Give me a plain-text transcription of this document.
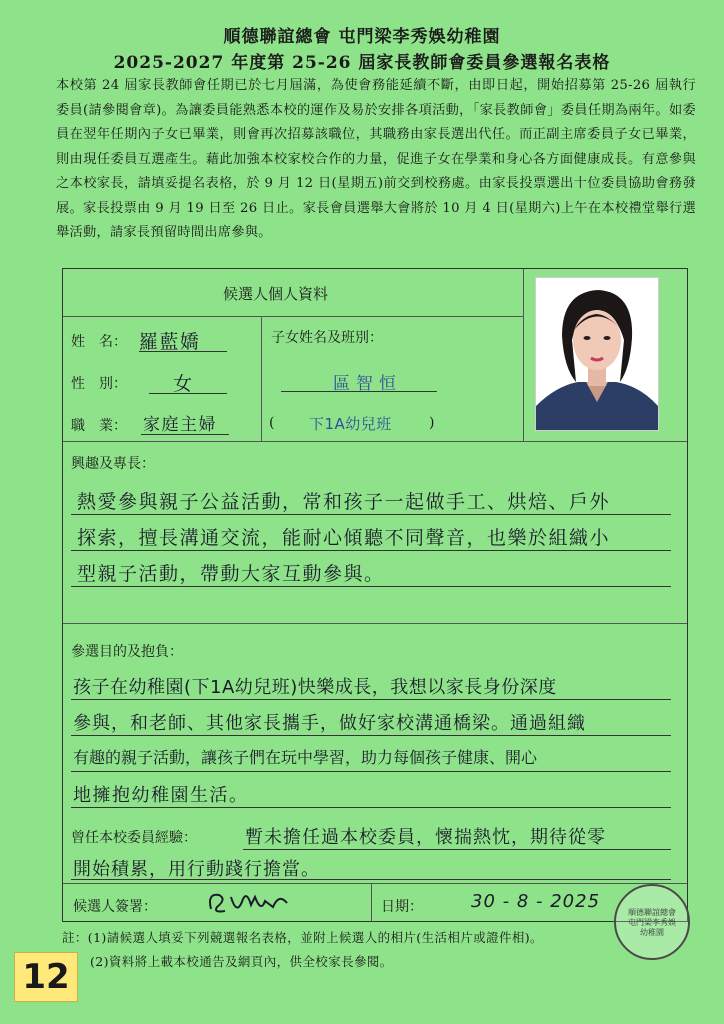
順德聯誼總會 屯門梁李秀娛幼稚園
2025-2027 年度第 25-26 屆家長教師會委員參選報名表格
本校第 24 屆家長教師會任期已於七月屆滿，為使會務能延續不斷，由即日起，開始招募第 25-26 屆執行委員(請參閱會章)。為讓委員能熟悉本校的運作及易於安排各項活動，「家長教師會」委員任期為兩年。如委員在翌年任期內子女已畢業，則會再次招募該職位，其職務由家長選出代任。而正副主席委員子女已畢業，則由現任委員互選產生。藉此加強本校家校合作的力量，促進子女在學業和身心各方面健康成長。有意參與之本校家長，請填妥提名表格，於 9 月 12 日(星期五)前交到校務處。由家長投票選出十位委員協助會務發展。家長投票由 9 月 19 日至 26 日止。家長會員選舉大會將於 10 月 4 日(星期六)上午在本校禮堂舉行選舉活動，請家長預留時間出席參與。
候選人個人資料
姓　名： 羅藍嬌
性　別： 女
職　業： 家庭主婦
子女姓名及班別：
區智恒
( 下1A幼兒班	)
興趣及專長：
熱愛參與親子公益活動，常和孩子一起做手工、烘焙、戶外
探索，擅長溝通交流，能耐心傾聽不同聲音，也樂於組織小
型親子活動，帶動大家互動參與。
參選目的及抱負：
孩子在幼稚園(下1A幼兒班)快樂成長，我想以家長身份深度
參與，和老師、其他家長攜手，做好家校溝通橋梁。通過組織
有趣的親子活動，讓孩子們在玩中學習，助力每個孩子健康、開心
地擁抱幼稚園生活。
曾任本校委員經驗：	暫未擔任過本校委員，懷揣熱忱，期待從零
開始積累，用行動踐行擔當。
候選人簽署：	日期：	30 - 8 - 2025
順德聯誼總會屯門梁李秀娛幼稚園
註：(1)請候選人填妥下列競選報名表格，並附上候選人的相片(生活相片或證件相)。
(2)資料將上載本校通告及網頁內，供全校家長參閱。
12
